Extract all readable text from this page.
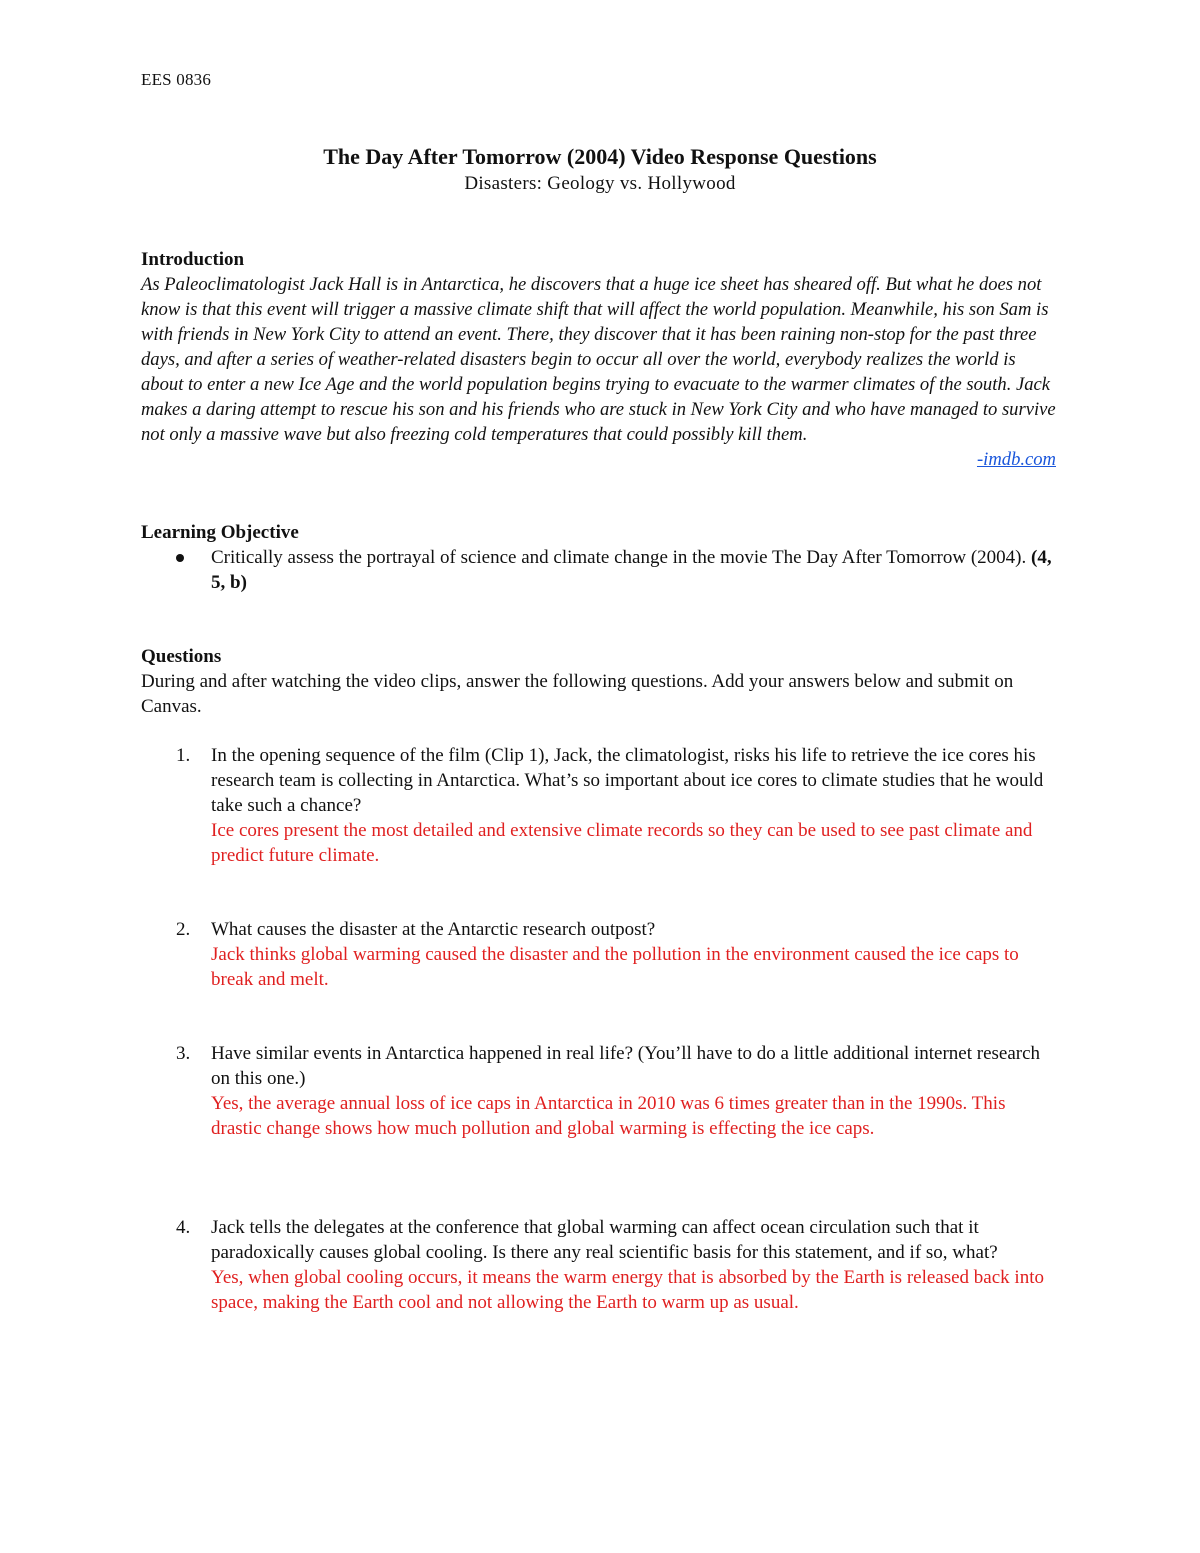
EES 0836
The Day After Tomorrow (2004) Video Response Questions
Disasters: Geology vs. Hollywood
Introduction
As Paleoclimatologist Jack Hall is in Antarctica, he discovers that a huge ice sheet has sheared off. But what he does not know is that this event will trigger a massive climate shift that will affect the world population. Meanwhile, his son Sam is with friends in New York City to attend an event. There, they discover that it has been raining non-stop for the past three days, and after a series of weather-related disasters begin to occur all over the world, everybody realizes the world is about to enter a new Ice Age and the world population begins trying to evacuate to the warmer climates of the south. Jack makes a daring attempt to rescue his son and his friends who are stuck in New York City and who have managed to survive not only a massive wave but also freezing cold temperatures that could possibly kill them.
-imdb.com
Learning Objective
Critically assess the portrayal of science and climate change in the movie The Day After Tomorrow (2004). (4, 5, b)
Questions
During and after watching the video clips, answer the following questions. Add your answers below and submit on Canvas.
1. In the opening sequence of the film (Clip 1), Jack, the climatologist, risks his life to retrieve the ice cores his research team is collecting in Antarctica. What’s so important about ice cores to climate studies that he would take such a chance?
Ice cores present the most detailed and extensive climate records so they can be used to see past climate and predict future climate.
2. What causes the disaster at the Antarctic research outpost?
Jack thinks global warming caused the disaster and the pollution in the environment caused the ice caps to break and melt.
3. Have similar events in Antarctica happened in real life? (You’ll have to do a little additional internet research on this one.)
Yes, the average annual loss of ice caps in Antarctica in 2010 was 6 times greater than in the 1990s. This drastic change shows how much pollution and global warming is effecting the ice caps.
4. Jack tells the delegates at the conference that global warming can affect ocean circulation such that it paradoxically causes global cooling. Is there any real scientific basis for this statement, and if so, what?
Yes, when global cooling occurs, it means the warm energy that is absorbed by the Earth is released back into space, making the Earth cool and not allowing the Earth to warm up as usual.
